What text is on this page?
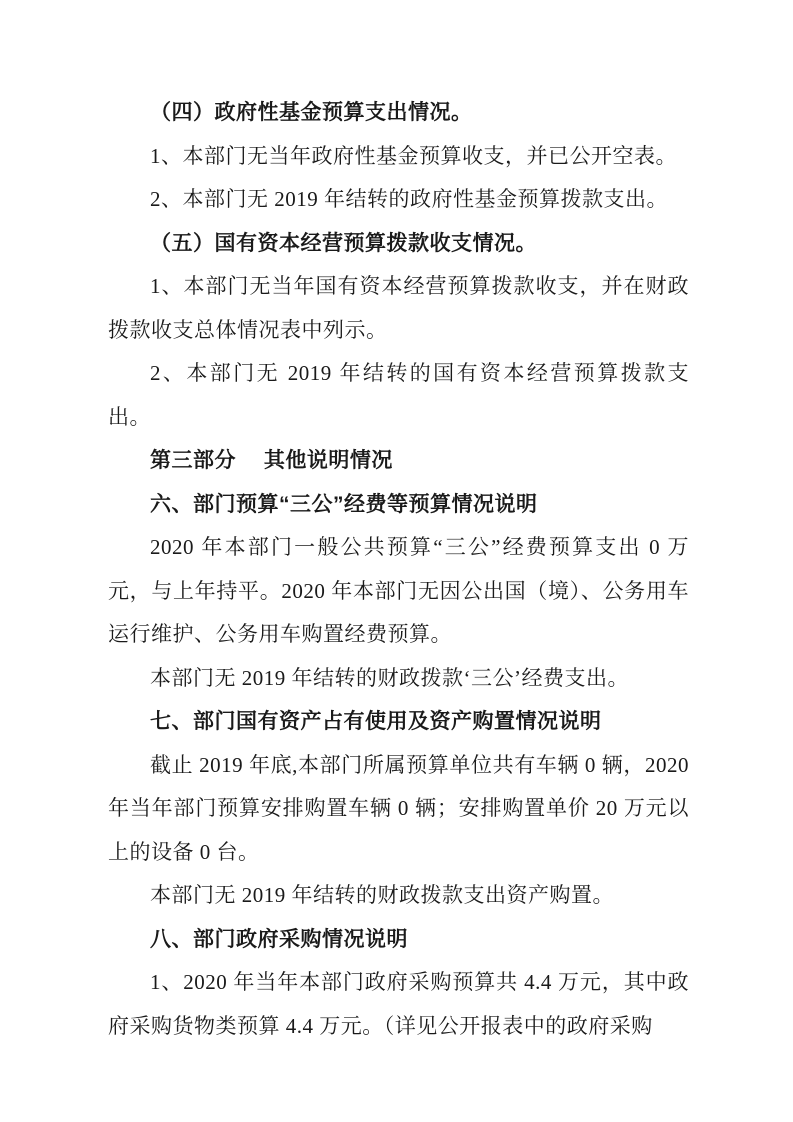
（四）政府性基金预算支出情况。

1、本部门无当年政府性基金预算收支，并已公开空表。

2、本部门无 2019 年结转的政府性基金预算拨款支出。

（五）国有资本经营预算拨款收支情况。

1、本部门无当年国有资本经营预算拨款收支，并在财政拨款收支总体情况表中列示。

2、本部门无 2019 年结转的国有资本经营预算拨款支出。

第三部分　 其他说明情况

六、部门预算“三公”经费等预算情况说明

2020 年本部门一般公共预算“三公”经费预算支出 0 万元，与上年持平。2020 年本部门无因公出国（境）、公务用车运行维护、公务用车购置经费预算。

本部门无 2019 年结转的财政拨款‘三公’经费支出。

七、部门国有资产占有使用及资产购置情况说明

截止 2019 年底,本部门所属预算单位共有车辆 0 辆，2020 年当年部门预算安排购置车辆 0 辆；安排购置单价 20 万元以上的设备 0 台。

本部门无 2019 年结转的财政拨款支出资产购置。

八、部门政府采购情况说明

1、2020 年当年本部门政府采购预算共 4.4 万元，其中政府采购货物类预算 4.4 万元。（详见公开报表中的政府采购
